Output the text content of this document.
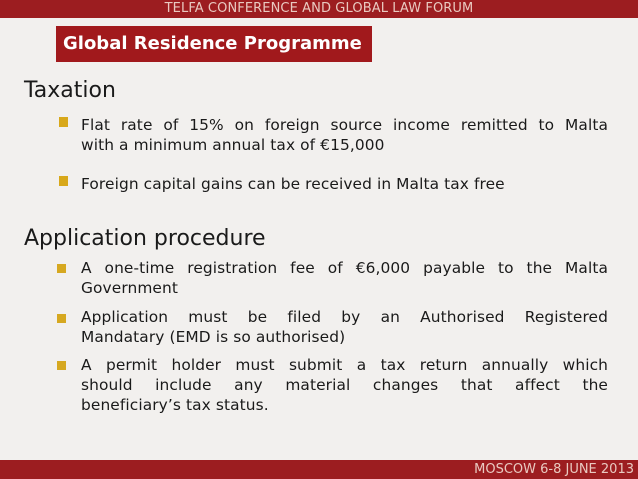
TELFA CONFERENCE AND GLOBAL LAW FORUM
Global Residence Programme
Taxation
Flat rate of 15% on foreign source income remitted to Malta
with a minimum annual tax of €15,000
Foreign capital gains can be received in Malta tax free
Application procedure
A one-time registration fee of €6,000 payable to the Malta
Government
Application must be filed by an Authorised Registered
Mandatary (EMD is so authorised)
A permit holder must submit a tax return annually which
should include any material changes that affect the
beneficiary’s tax status.
MOSCOW 6-8 JUNE 2013
